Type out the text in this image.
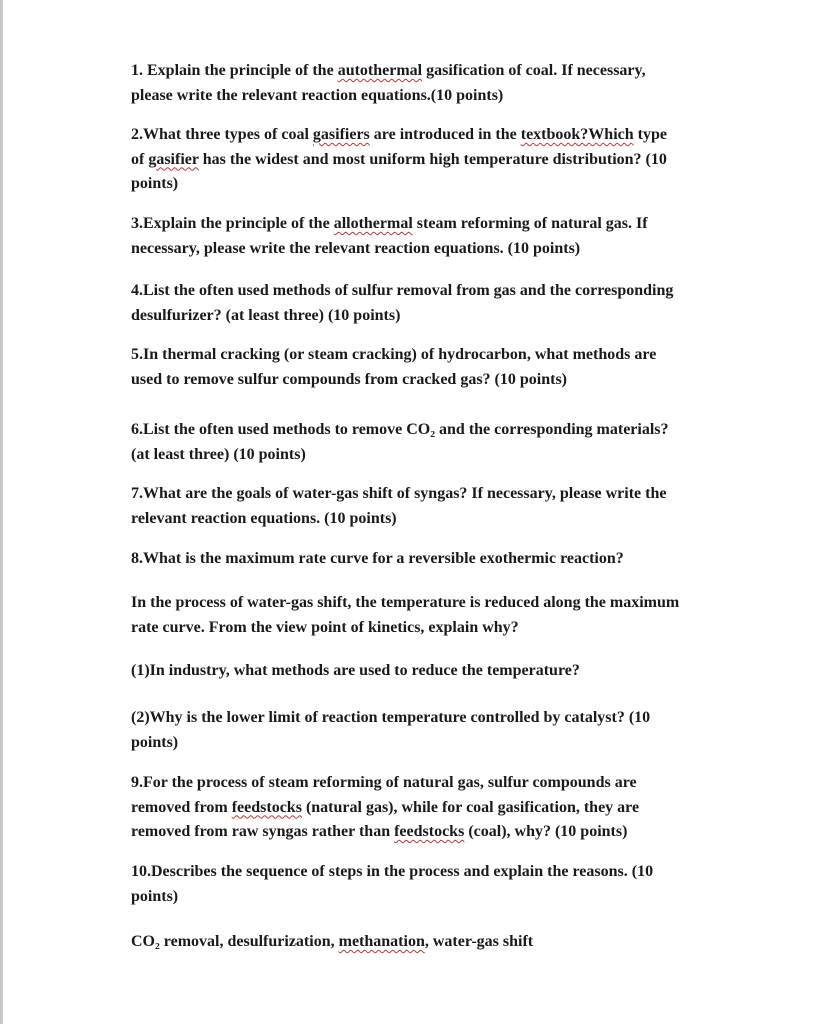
1. Explain the principle of the autothermal gasification of coal. If necessary,
please write the relevant reaction equations.(10 points)

2.What three types of coal gasifiers are introduced in the textbook?Which type
of gasifier has the widest and most uniform high temperature distribution? (10
points)

3.Explain the principle of the allothermal steam reforming of natural gas. If
necessary, please write the relevant reaction equations. (10 points)

4.List the often used methods of sulfur removal from gas and the corresponding
desulfurizer? (at least three) (10 points)

5.In thermal cracking (or steam cracking) of hydrocarbon, what methods are
used to remove sulfur compounds from cracked gas? (10 points)

6.List the often used methods to remove CO₂ and the corresponding materials?
(at least three) (10 points)

7.What are the goals of water-gas shift of syngas? If necessary, please write the
relevant reaction equations. (10 points)

8.What is the maximum rate curve for a reversible exothermic reaction?

In the process of water-gas shift, the temperature is reduced along the maximum
rate curve. From the view point of kinetics, explain why?

(1)In industry, what methods are used to reduce the temperature?

(2)Why is the lower limit of reaction temperature controlled by catalyst? (10
points)

9.For the process of steam reforming of natural gas, sulfur compounds are
removed from feedstocks (natural gas), while for coal gasification, they are
removed from raw syngas rather than feedstocks (coal), why? (10 points)

10.Describes the sequence of steps in the process and explain the reasons. (10
points)

CO₂ removal, desulfurization, methanation, water-gas shift
